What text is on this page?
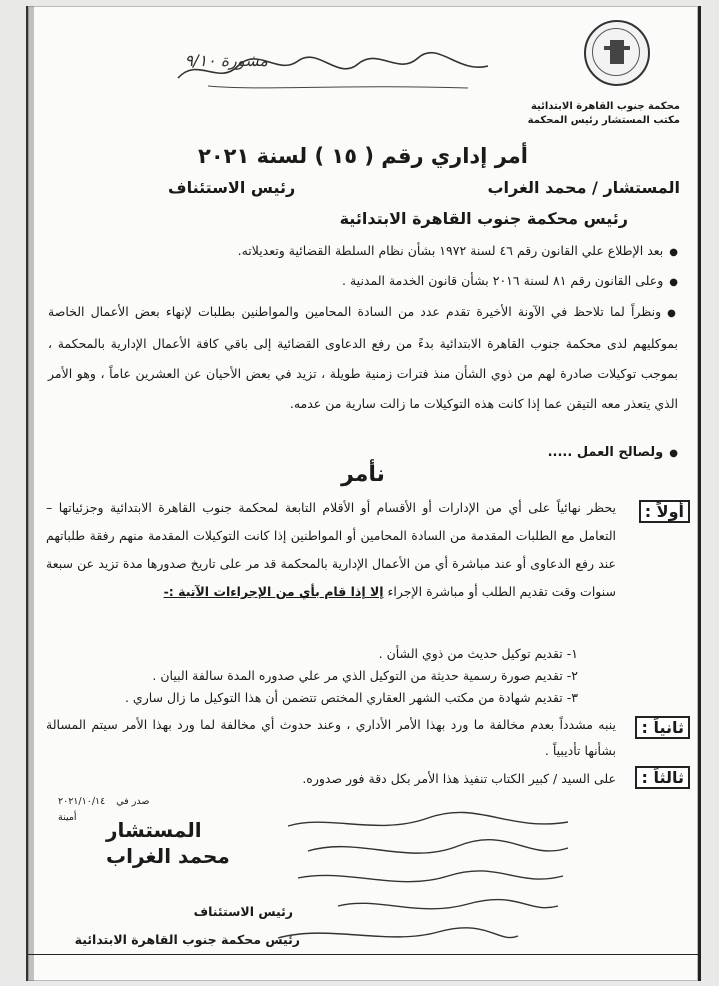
محكمة جنوب القاهرة الابتدائية
مكتب المستشار رئيس المحكمة
مشورة ٩/١٠
أمر إداري رقم ( ١٥ ) لسنة ٢٠٢١
المستشار / محمد الغراب
رئيس الاستئناف
رئيس محكمة جنوب القاهرة الابتدائية
● بعد الإطلاع علي القانون رقم ٤٦ لسنة ١٩٧٢ بشأن نظام السلطة القضائية وتعديلاته.
● وعلى القانون رقم ٨١ لسنة ٢٠١٦ بشأن قانون الخدمة المدنية .
● ونظراً لما تلاحظ في الآونة الأخيرة تقدم عدد من السادة المحامين والمواطنين بطلبات لإنهاء بعض الأعمال الخاصة بموكليهم لدى محكمة جنوب القاهرة الابتدائية بدءً من رفع الدعاوى القضائية إلى باقي كافة الأعمال الإدارية بالمحكمة ، بموجب توكيلات صادرة لهم من ذوي الشأن منذ فترات زمنية طويلة ، تزيد في بعض الأحيان عن العشرين عاماً ، وهو الأمر الذي يتعذر معه التيقن عما إذا كانت هذه التوكيلات ما زالت سارية من عدمه.
● ولصالح العمل .....
نأمر
أولاً :
يحظر نهائياً على أي من الإدارات أو الأقسام أو الأقلام التابعة لمحكمة جنوب القاهرة الابتدائية وجزئياتها – التعامل مع الطلبات المقدمة من السادة المحامين أو المواطنين إذا كانت التوكيلات المقدمة منهم رفقة طلباتهم عند رفع الدعاوى أو عند مباشرة أي من الأعمال الإدارية بالمحكمة قد مر على تاريخ صدورها مدة تزيد عن سبعة سنوات وقت تقديم الطلب أو مباشرة الإجراء إلا إذا قام بأي من الإجراءات الآتية :-
١- تقديم توكيل حديث من ذوي الشأن .
٢- تقديم صورة رسمية حديثة من التوكيل الذي مر علي صدوره المدة سالفة البيان .
٣- تقديم شهادة من مكتب الشهر العقاري المختص تتضمن أن هذا التوكيل ما زال ساري .
ثانياً :
ينبه مشدداً بعدم مخالفة ما ورد بهذا الأمر الأداري ، وعند حدوث أي مخالفة لما ورد بهذا الأمر سيتم المسالة بشأنها تأديبياً .
ثالثاً :
على السيد / كبير الكتاب تنفيذ هذا الأمر بكل دقة فور صدوره.
صدر في ٢٠٢١/١٠/١٤
أمينة
المستشار
محمد الغراب
رئيس الاستئناف
رئيس محكمة جنوب القاهرة الابتدائية
